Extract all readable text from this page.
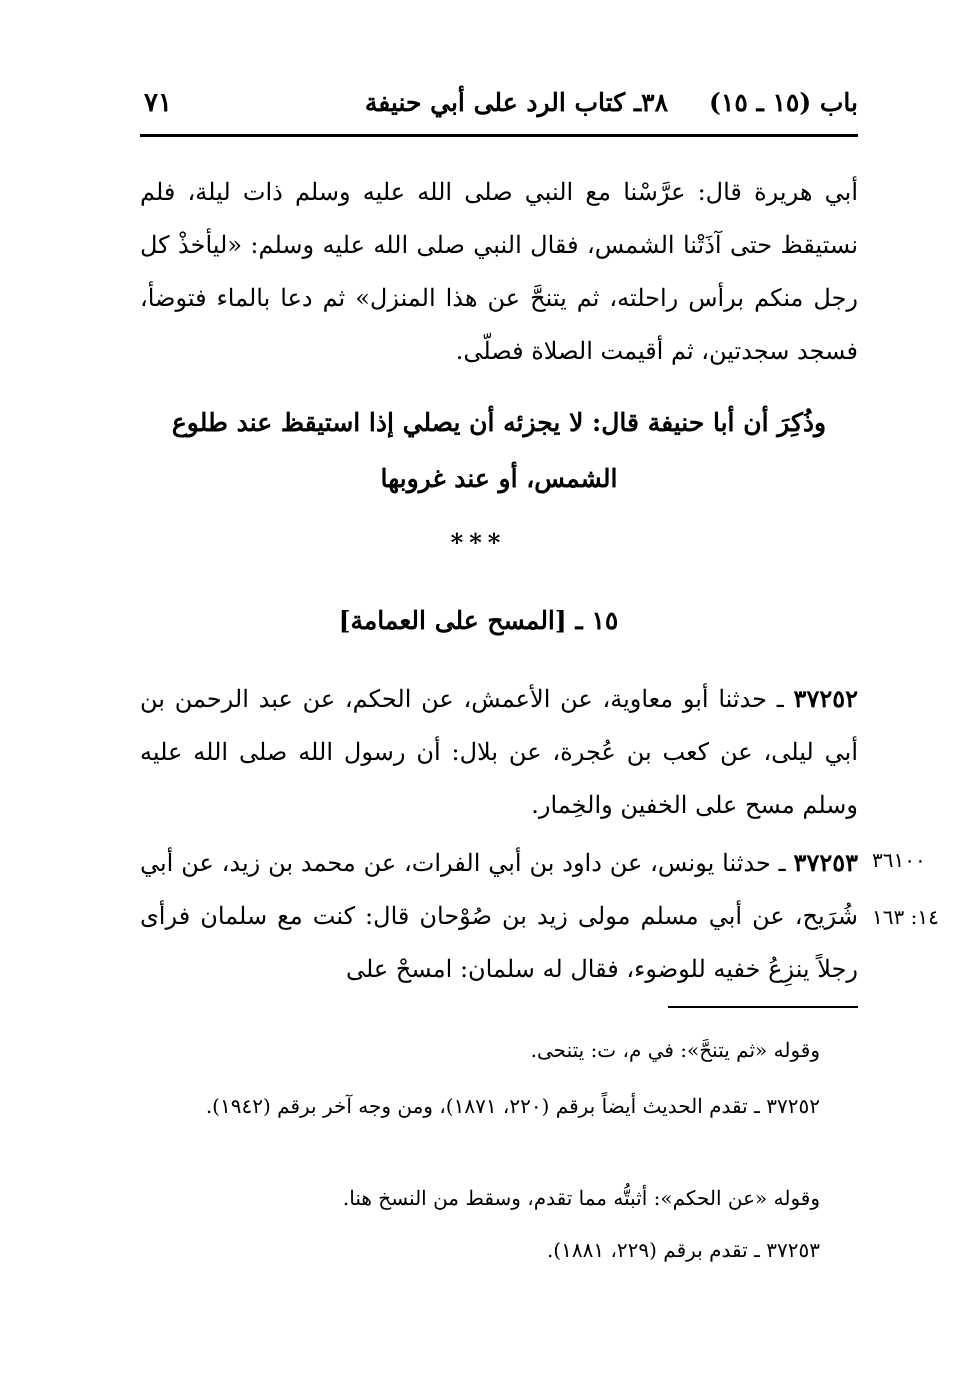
باب (١٥ ـ ١٥)
٣٨ـ كتاب الرد على أبي حنيفة
٧١
أبي هريرة قال: عرَّسْنا مع النبي صلى الله عليه وسلم ذات ليلة، فلم نستيقظ حتى آذَتْنا الشمس، فقال النبي صلى الله عليه وسلم: «ليأخذْ كل رجل منكم برأس راحلته، ثم يتنحَّ عن هذا المنزل» ثم دعا بالماء فتوضأ، فسجد سجدتين، ثم أقيمت الصلاة فصلّى.
وذُكِرَ أن أبا حنيفة قال: لا يجزئه أن يصلي إذا استيقظ عند طلوع الشمس، أو عند غروبها
***
١٥ ـ [المسح على العمامة]
٣٧٢٥٢ ـ حدثنا أبو معاوية، عن الأعمش، عن الحكم، عن عبد الرحمن بن أبي ليلى، عن كعب بن عُجرة، عن بلال: أن رسول الله صلى الله عليه وسلم مسح على الخفين والخِمار.
٣٧٢٥٣ ـ حدثنا يونس، عن داود بن أبي الفرات، عن محمد بن زيد، عن أبي شُرَيح، عن أبي مسلم مولى زيد بن صُوْحان قال: كنت مع سلمان فرأى رجلاً ينزِعُ خفيه للوضوء، فقال له سلمان: امسحْ على
٣٦١٠٠
١٤: ١٦٣
وقوله «ثم يتنحَّ»: في م، ت: يتنحى.
٣٧٢٥٢ ـ تقدم الحديث أيضاً برقم (٢٢٠، ١٨٧١)، ومن وجه آخر برقم (١٩٤٢).
وقوله «عن الحكم»: أثبتُّه مما تقدم، وسقط من النسخ هنا.
٣٧٢٥٣ ـ تقدم برقم (٢٢٩، ١٨٨١).
